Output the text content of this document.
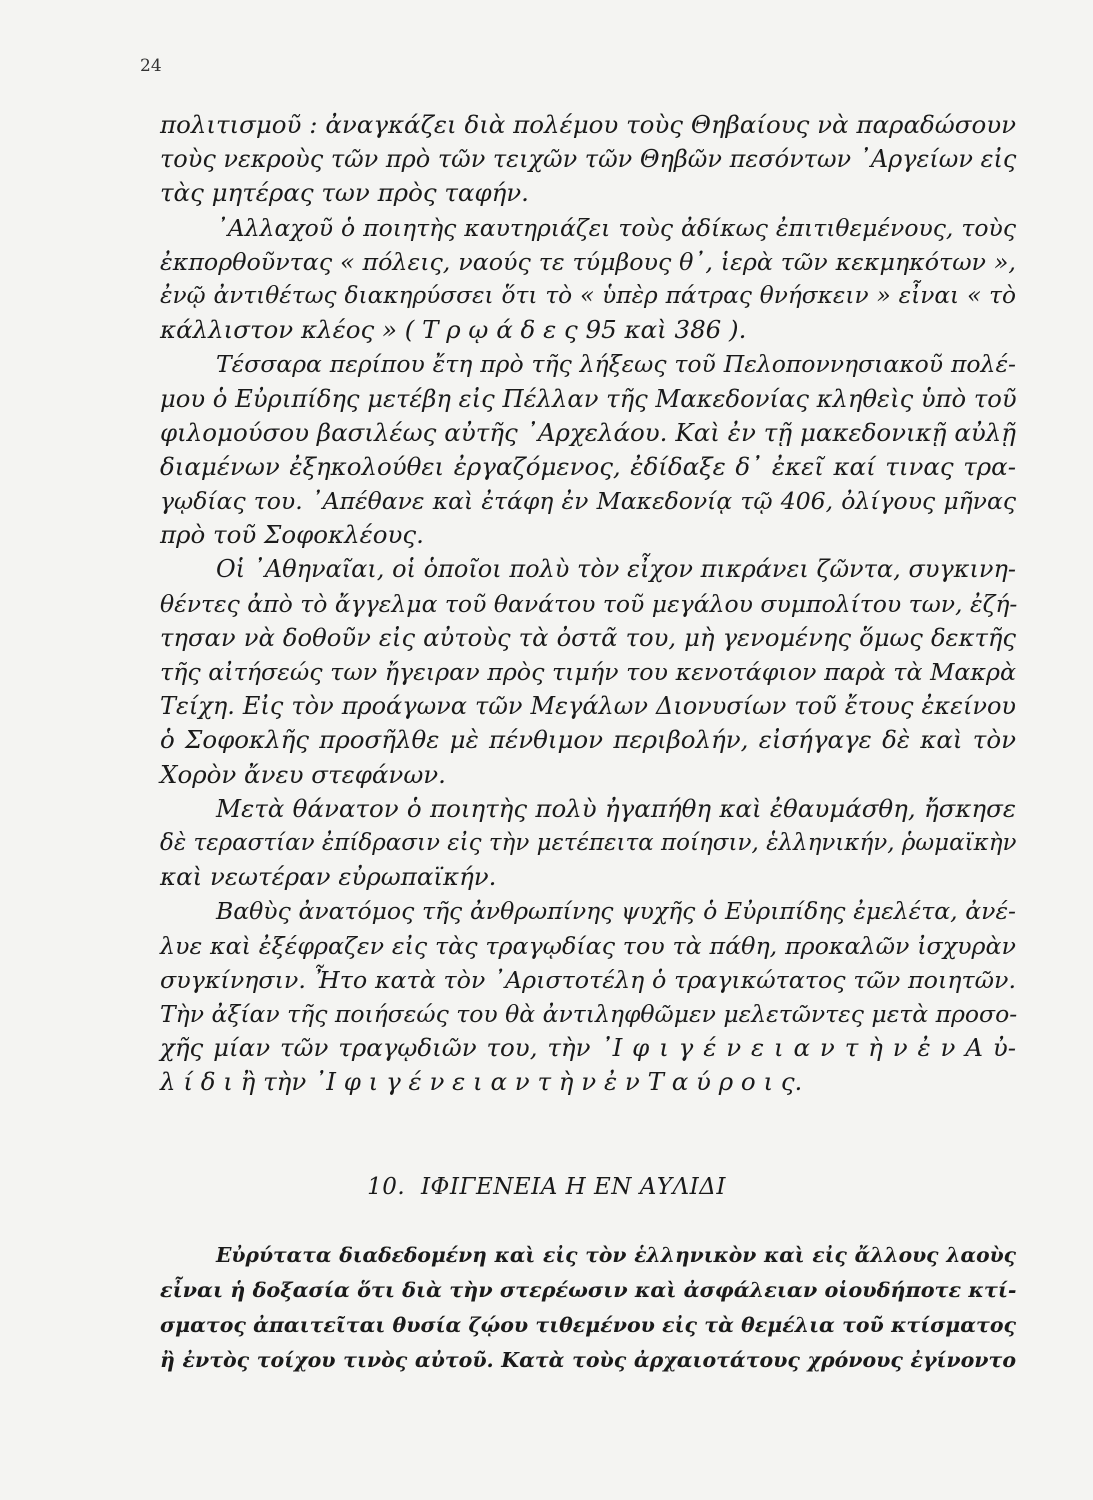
24
πολιτισμοῦ : ἀναγκάζει διὰ πολέμου τοὺς Θηβαίους νὰ παραδώσουν
τοὺς νεκροὺς τῶν πρὸ τῶν τειχῶν τῶν Θηβῶν πεσόντων ᾿Αργείων εἰς
τὰς μητέρας των πρὸς ταφήν.
᾿Αλλαχοῦ ὁ ποιητὴς καυτηριάζει τοὺς ἀδίκως ἐπιτιθεμένους, τοὺς
ἐκπορθοῦντας « πόλεις, ναούς τε τύμβους θ᾿, ἱερὰ τῶν κεκμηκότων »,
ἐνῷ ἀντιθέτως διακηρύσσει ὅτι τὸ « ὑπὲρ πάτρας θνήσκειν » εἶναι « τὸ
κάλλιστον κλέος » ( Τ ρ ῳ ά δ ε ς 95 καὶ 386 ).
Τέσσαρα περίπου ἔτη πρὸ τῆς λήξεως τοῦ Πελοποννησιακοῦ πολέ-
μου ὁ Εὐριπίδης μετέβη εἰς Πέλλαν τῆς Μακεδονίας κληθεὶς ὑπὸ τοῦ
φιλομούσου βασιλέως αὐτῆς ᾿Αρχελάου. Καὶ ἐν τῇ μακεδονικῇ αὐλῇ
διαμένων ἐξηκολούθει ἐργαζόμενος, ἐδίδαξε δ᾿ ἐκεῖ καί τινας τρα-
γῳδίας του. ᾿Απέθανε καὶ ἐτάφη ἐν Μακεδονίᾳ τῷ 406, ὀλίγους μῆνας
πρὸ τοῦ Σοφοκλέους.
Οἱ ᾿Αθηναῖαι, οἱ ὁποῖοι πολὺ τὸν εἶχον πικράνει ζῶντα, συγκινη-
θέντες ἀπὸ τὸ ἄγγελμα τοῦ θανάτου τοῦ μεγάλου συμπολίτου των, ἐζή-
τησαν νὰ δοθοῦν εἰς αὐτοὺς τὰ ὀστᾶ του, μὴ γενομένης ὅμως δεκτῆς
τῆς αἰτήσεώς των ἤγειραν πρὸς τιμήν του κενοτάφιον παρὰ τὰ Μακρὰ
Τείχη. Εἰς τὸν προάγωνα τῶν Μεγάλων Διονυσίων τοῦ ἔτους ἐκείνου
ὁ Σοφοκλῆς προσῆλθε μὲ πένθιμον περιβολήν, εἰσήγαγε δὲ καὶ τὸν
Χορὸν ἄνευ στεφάνων.
Μετὰ θάνατον ὁ ποιητὴς πολὺ ἠγαπήθη καὶ ἐθαυμάσθη, ἤσκησε
δὲ τεραστίαν ἐπίδρασιν εἰς τὴν μετέπειτα ποίησιν, ἑλληνικήν, ῥωμαϊκὴν
καὶ νεωτέραν εὐρωπαϊκήν.
Βαθὺς ἀνατόμος τῆς ἀνθρωπίνης ψυχῆς ὁ Εὐριπίδης ἐμελέτα, ἀνέ-
λυε καὶ ἐξέφραζεν εἰς τὰς τραγῳδίας του τὰ πάθη, προκαλῶν ἰσχυρὰν
συγκίνησιν. Ἦτο κατὰ τὸν ᾿Αριστοτέλη ὁ τραγικώτατος τῶν ποιητῶν.
Τὴν ἀξίαν τῆς ποιήσεώς του θὰ ἀντιληφθῶμεν μελετῶντες μετὰ προσο-
χῆς μίαν τῶν τραγῳδιῶν του, τὴν ᾿Ι φ ι γ έ ν ε ι α ν τ ὴ ν ἐ ν Α ὐ-
λ ί δ ι ἢ τὴν ᾿Ι φ ι γ έ ν ε ι α ν τ ὴ ν ἐ ν Τ α ύ ρ ο ι ς.
10. ΙΦΙΓΕΝΕΙΑ Η ΕΝ ΑΥΛΙΔΙ
Εὐρύτατα διαδεδομένη καὶ εἰς τὸν ἑλληνικὸν καὶ εἰς ἄλλους λαοὺς
εἶναι ἡ δοξασία ὅτι διὰ τὴν στερέωσιν καὶ ἀσφάλειαν οἱουδήποτε κτί-
σματος ἀπαιτεῖται θυσία ζῴου τιθεμένου εἰς τὰ θεμέλια τοῦ κτίσματος
ἢ ἐντὸς τοίχου τινὸς αὐτοῦ. Κατὰ τοὺς ἀρχαιοτάτους χρόνους ἐγίνοντο
